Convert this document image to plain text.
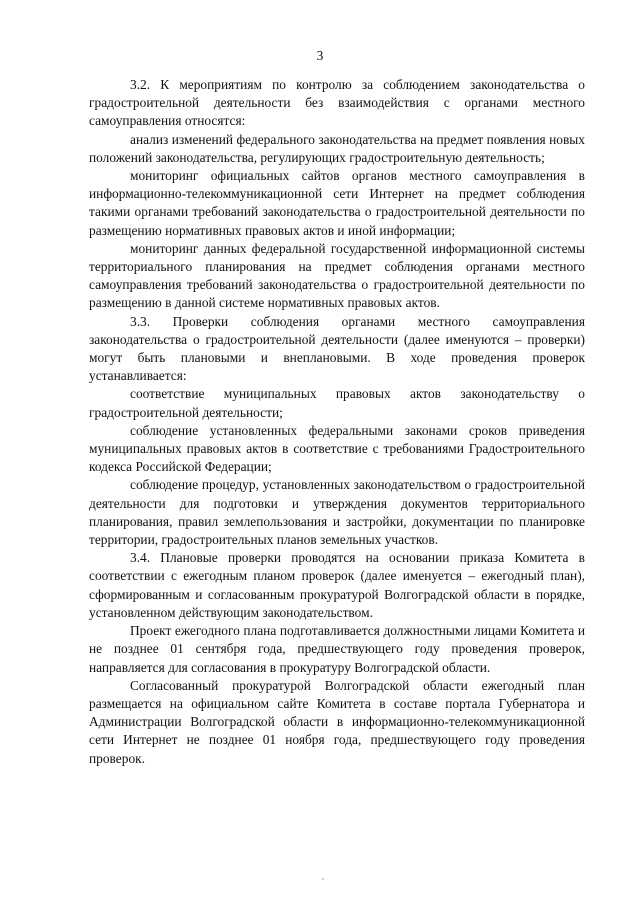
3

3.2. К мероприятиям по контролю за соблюдением законодательства о градостроительной деятельности без взаимодействия с органами местного самоуправления относятся:

анализ изменений федерального законодательства на предмет появления новых положений законодательства, регулирующих градостроительную деятельность;

мониторинг официальных сайтов органов местного самоуправления в информационно-телекоммуникационной сети Интернет на предмет соблюдения такими органами требований законодательства о градостроительной деятельности по размещению нормативных правовых актов и иной информации;

мониторинг данных федеральной государственной информационной системы территориального планирования на предмет соблюдения органами местного самоуправления требований законодательства о градостроительной деятельности по размещению в данной системе нормативных правовых актов.

3.3. Проверки соблюдения органами местного самоуправления законодательства о градостроительной деятельности (далее именуются – проверки) могут быть плановыми и внеплановыми. В ходе проведения проверок устанавливается:

соответствие муниципальных правовых актов законодательству о градостроительной деятельности;

соблюдение установленных федеральными законами сроков приведения муниципальных правовых актов в соответствие с требованиями Градостроительного кодекса Российской Федерации;

соблюдение процедур, установленных законодательством о градостроительной деятельности для подготовки и утверждения документов территориального планирования, правил землепользования и застройки, документации по планировке территории, градостроительных планов земельных участков.

3.4. Плановые проверки проводятся на основании приказа Комитета в соответствии с ежегодным планом проверок (далее именуется – ежегодный план), сформированным и согласованным прокуратурой Волгоградской области в порядке, установленном действующим законодательством.

Проект ежегодного плана подготавливается должностными лицами Комитета и не позднее 01 сентября года, предшествующего году проведения проверок, направляется для согласования в прокуратуру Волгоградской области.

Согласованный прокуратурой Волгоградской области ежегодный план размещается на официальном сайте Комитета в составе портала Губернатора и Администрации Волгоградской области в информационно-телекоммуникационной сети Интернет не позднее 01 ноября года, предшествующего году проведения проверок.
